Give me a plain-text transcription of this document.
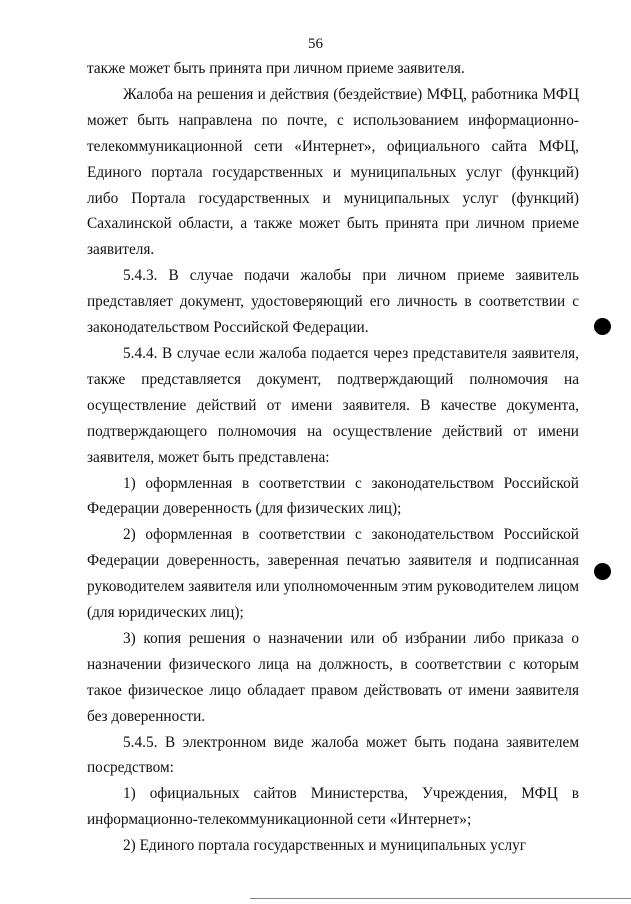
56

также может быть принята при личном приеме заявителя.

Жалоба на решения и действия (бездействие) МФЦ, работника МФЦ может быть направлена по почте, с использованием информационно-телекоммуникационной сети «Интернет», официального сайта МФЦ, Единого портала государственных и муниципальных услуг (функций) либо Портала государственных и муниципальных услуг (функций) Сахалинской области, а также может быть принята при личном приеме заявителя.

5.4.3. В случае подачи жалобы при личном приеме заявитель представляет документ, удостоверяющий его личность в соответствии с законодательством Российской Федерации.

5.4.4. В случае если жалоба подается через представителя заявителя, также представляется документ, подтверждающий полномочия на осуществление действий от имени заявителя. В качестве документа, подтверждающего полномочия на осуществление действий от имени заявителя, может быть представлена:

1) оформленная в соответствии с законодательством Российской Федерации доверенность (для физических лиц);

2) оформленная в соответствии с законодательством Российской Федерации доверенность, заверенная печатью заявителя и подписанная руководителем заявителя или уполномоченным этим руководителем лицом (для юридических лиц);

3) копия решения о назначении или об избрании либо приказа о назначении физического лица на должность, в соответствии с которым такое физическое лицо обладает правом действовать от имени заявителя без доверенности.

5.4.5. В электронном виде жалоба может быть подана заявителем посредством:

1) официальных сайтов Министерства, Учреждения, МФЦ в информационно-телекоммуникационной сети «Интернет»;

2) Единого портала государственных и муниципальных услуг
